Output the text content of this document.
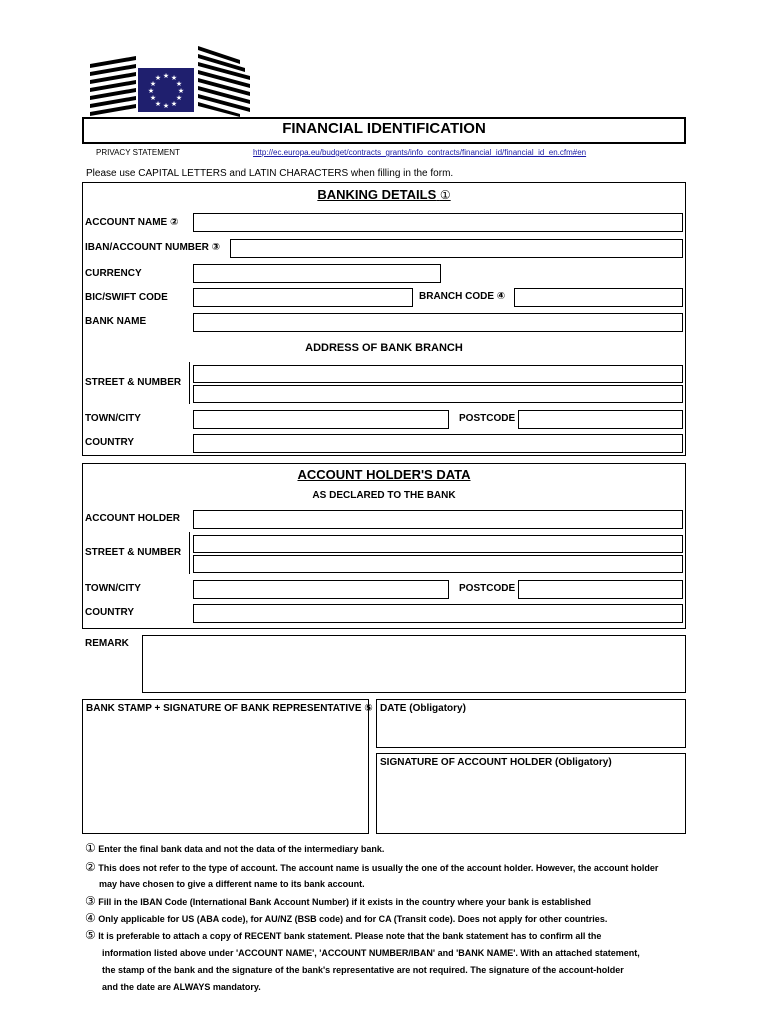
★ ★
★
★
★
★
★
★
★
★
★
★
FINANCIAL IDENTIFICATION
PRIVACY STATEMENT	http://ec.europa.eu/budget/contracts_grants/info_contracts/financial_id/financial_id_en.cfm#en
Please use CAPITAL LETTERS and LATIN CHARACTERS when filling in the form.
BANKING DETAILS ①
ACCOUNT NAME ②
IBAN/ACCOUNT NUMBER ③
CURRENCY
BIC/SWIFT CODE	BRANCH CODE ④
BANK NAME
ADDRESS OF BANK BRANCH
STREET & NUMBER
TOWN/CITY	POSTCODE
COUNTRY
ACCOUNT HOLDER'S DATA
AS DECLARED TO THE BANK
ACCOUNT HOLDER
STREET & NUMBER
TOWN/CITY	POSTCODE
COUNTRY
REMARK
BANK STAMP + SIGNATURE OF BANK REPRESENTATIVE ⑤ DATE (Obligatory)
SIGNATURE OF ACCOUNT HOLDER (Obligatory)
① Enter the final bank data and not the data of the intermediary bank.
② This does not refer to the type of account. The account name is usually the one of the account holder. However, the account holder
may have chosen to give a different name to its bank account.
③ Fill in the IBAN Code (International Bank Account Number) if it exists in the country where your bank is established
④ Only applicable for US (ABA code), for AU/NZ (BSB code) and for CA (Transit code). Does not apply for other countries.
⑤ It is preferable to attach a copy of RECENT bank statement. Please note that the bank statement has to confirm all the
information listed above under 'ACCOUNT NAME', 'ACCOUNT NUMBER/IBAN' and 'BANK NAME'. With an attached statement,
the stamp of the bank and the signature of the bank's representative are not required. The signature of the account-holder
and the date are ALWAYS mandatory.
